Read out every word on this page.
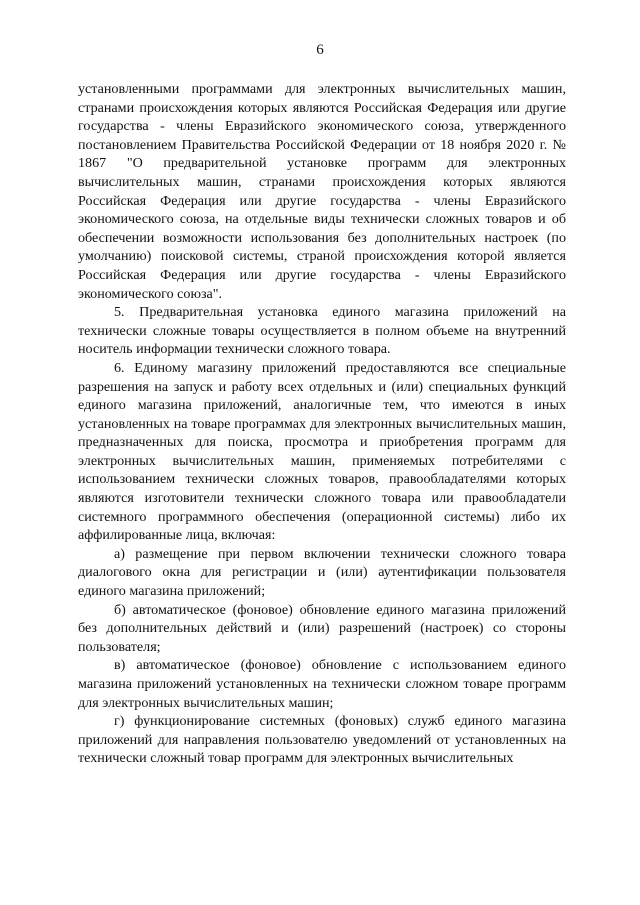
6

установленными программами для электронных вычислительных машин, странами происхождения которых являются Российская Федерация или другие государства - члены Евразийского экономического союза, утвержденного постановлением Правительства Российской Федерации от 18 ноября 2020 г. № 1867 "О предварительной установке программ для электронных вычислительных машин, странами происхождения которых являются Российская Федерация или другие государства - члены Евразийского экономического союза, на отдельные виды технически сложных товаров и об обеспечении возможности использования без дополнительных настроек (по умолчанию) поисковой системы, страной происхождения которой является Российская Федерация или другие государства - члены Евразийского экономического союза".

5. Предварительная установка единого магазина приложений на технически сложные товары осуществляется в полном объеме на внутренний носитель информации технически сложного товара.

6. Единому магазину приложений предоставляются все специальные разрешения на запуск и работу всех отдельных и (или) специальных функций единого магазина приложений, аналогичные тем, что имеются в иных установленных на товаре программах для электронных вычислительных машин, предназначенных для поиска, просмотра и приобретения программ для электронных вычислительных машин, применяемых потребителями с использованием технически сложных товаров, правообладателями которых являются изготовители технически сложного товара или правообладатели системного программного обеспечения (операционной системы) либо их аффилированные лица, включая:

а) размещение при первом включении технически сложного товара диалогового окна для регистрации и (или) аутентификации пользователя единого магазина приложений;

б) автоматическое (фоновое) обновление единого магазина приложений без дополнительных действий и (или) разрешений (настроек) со стороны пользователя;

в) автоматическое (фоновое) обновление с использованием единого магазина приложений установленных на технически сложном товаре программ для электронных вычислительных машин;

г) функционирование системных (фоновых) служб единого магазина приложений для направления пользователю уведомлений от установленных на технически сложный товар программ для электронных вычислительных
